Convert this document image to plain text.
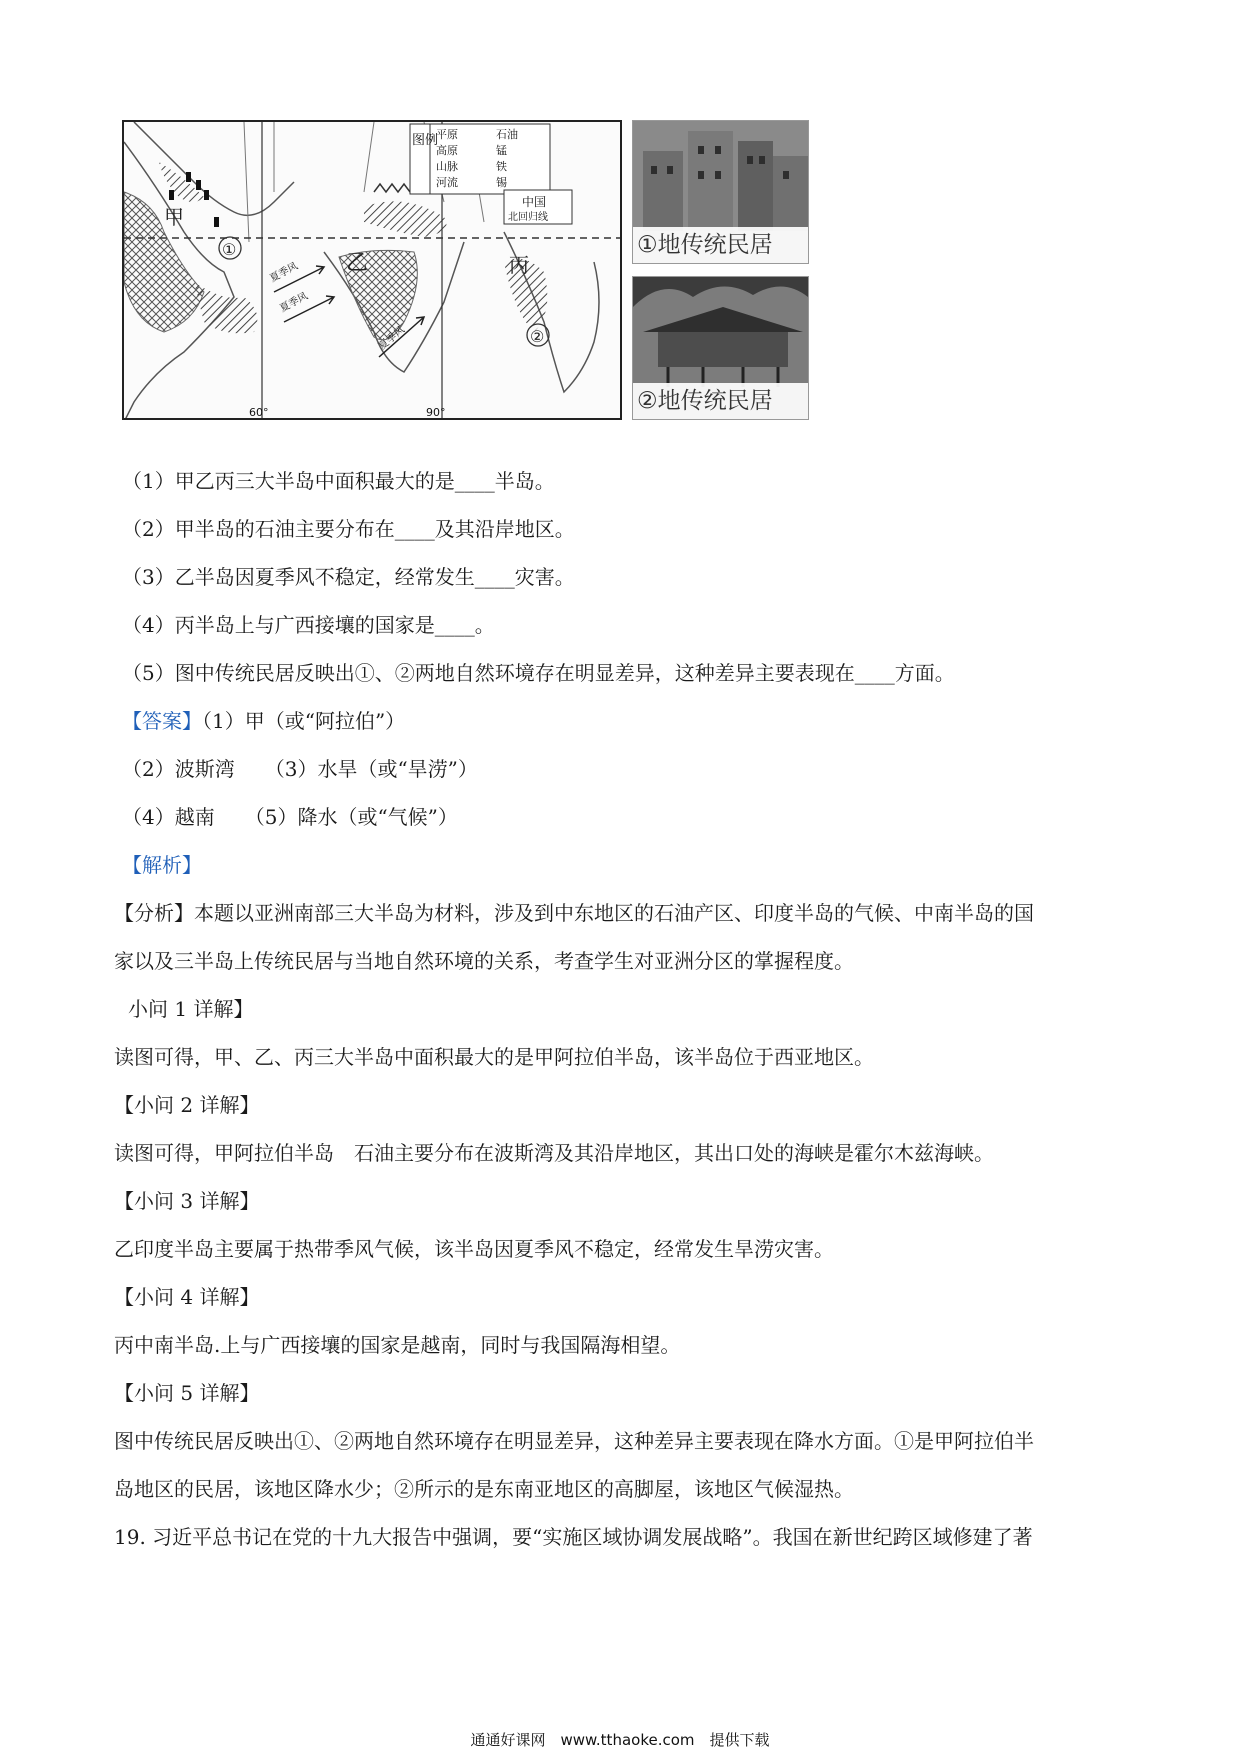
图例
平原
高原
山脉
河流
石油
锰
铁
锡
中国
北回归线
甲
乙	丙
①
②
夏季风
夏季风
夏季风
60°	90°
①地传统民居
②地传统民居
（1）甲乙丙三大半岛中面积最大的是____半岛。
（2）甲半岛的石油主要分布在____及其沿岸地区。
（3）乙半岛因夏季风不稳定，经常发生____灾害。
（4）丙半岛上与广西接壤的国家是____。
（5）图中传统民居反映出①、②两地自然环境存在明显差异，这种差异主要表现在____方面。
【答案】（1）甲（或“阿拉伯”）
（2）波斯湾　　（3）水旱（或“旱涝”）
（4）越南　　（5）降水（或“气候”）
【解析】
【分析】本题以亚洲南部三大半岛为材料，涉及到中东地区的石油产区、印度半岛的气候、中南半岛的国
家以及三半岛上传统民居与当地自然环境的关系，考查学生对亚洲分区的掌握程度。
小问 1 详解】
读图可得，甲、乙、丙三大半岛中面积最大的是甲阿拉伯半岛，该半岛位于西亚地区。
【小问 2 详解】
读图可得，甲阿拉伯半岛　石油主要分布在波斯湾及其沿岸地区，其出口处的海峡是霍尔木兹海峡。
【小问 3 详解】
乙印度半岛主要属于热带季风气候，该半岛因夏季风不稳定，经常发生旱涝灾害。
【小问 4 详解】
丙中南半岛.上与广西接壤的国家是越南，同时与我国隔海相望。
【小问 5 详解】
图中传统民居反映出①、②两地自然环境存在明显差异，这种差异主要表现在降水方面。①是甲阿拉伯半
岛地区的民居，该地区降水少；②所示的是东南亚地区的高脚屋，该地区气候湿热。
19. 习近平总书记在党的十九大报告中强调，要“实施区域协调发展战略”。我国在新世纪跨区域修建了著
通通好课网　www.tthaoke.com　提供下载
